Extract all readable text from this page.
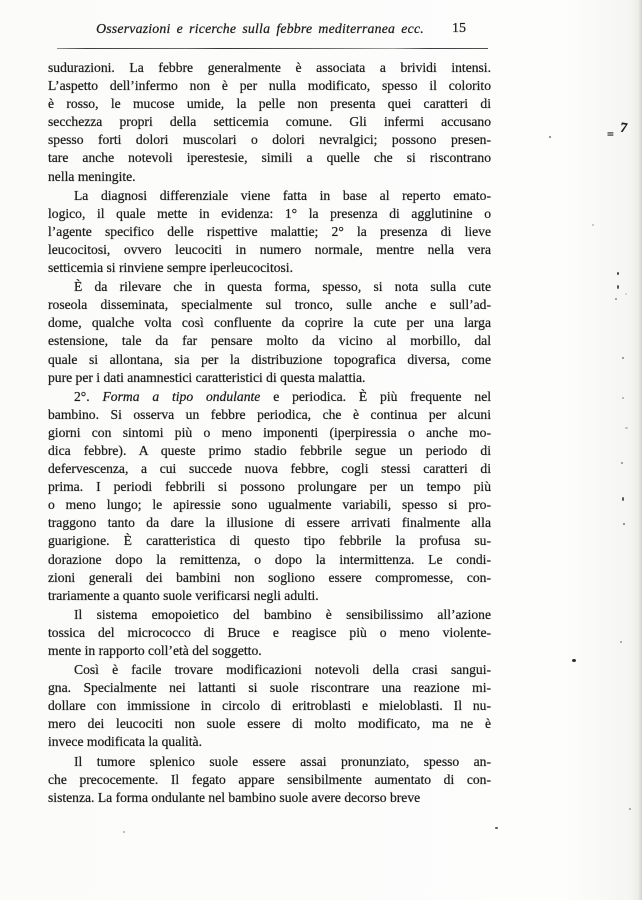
Osservazioni e ricerche sulla febbre mediterranea ecc.	15
sudurazioni. La febbre generalmente è associata a brividi intensi.
L’aspetto dell’infermo non è per nulla modificato, spesso il colorito
è rosso, le mucose umide, la pelle non presenta quei caratteri di
secchezza propri della setticemia comune. Gli infermi accusano
spesso forti dolori muscolari o dolori nevralgici; possono presen-
tare anche notevoli iperestesie, simili a quelle che si riscontrano
nella meningite.
La diagnosi differenziale viene fatta in base al reperto emato-
logico, il quale mette in evidenza: 1° la presenza di agglutinine o
l’agente specifico delle rispettive malattie; 2° la presenza di lieve
leucocitosi, ovvero leucociti in numero normale, mentre nella vera
setticemia si rinviene sempre iperleucocitosi.
È da rilevare che in questa forma, spesso, si nota sulla cute
roseola disseminata, specialmente sul tronco, sulle anche e sull’ad-
dome, qualche volta così confluente da coprire la cute per una larga
estensione, tale da far pensare molto da vicino al morbillo, dal
quale si allontana, sia per la distribuzione topografica diversa, come
pure per i dati anamnestici caratteristici di questa malattia.
2°. Forma a tipo ondulante e periodica. È più frequente nel
bambino. Si osserva un febbre periodica, che è continua per alcuni
giorni con sintomi più o meno imponenti (iperpiressia o anche mo-
dica febbre). A queste primo stadio febbrile segue un periodo di
defervescenza, a cui succede nuova febbre, cogli stessi caratteri di
prima. I periodi febbrili si possono prolungare per un tempo più
o meno lungo; le apiressie sono ugualmente variabili, spesso si pro-
traggono tanto da dare la illusione di essere arrivati finalmente alla
guarigione. È caratteristica di questo tipo febbrile la profusa su-
dorazione dopo la remittenza, o dopo la intermittenza. Le condi-
zioni generali dei bambini non sogliono essere compromesse, con-
trariamente a quanto suole verificarsi negli adulti.
Il sistema emopoietico del bambino è sensibilissimo all’azione
tossica del micrococco di Bruce e reagisce più o meno violente-
mente in rapporto coll’età del soggetto.
Così è facile trovare modificazioni notevoli della crasi sangui-
gna. Specialmente nei lattanti si suole riscontrare una reazione mi-
dollare con immissione in circolo di eritroblasti e mieloblasti. Il nu-
mero dei leucociti non suole essere di molto modificato, ma ne è
invece modificata la qualità.
Il tumore splenico suole essere assai pronunziato, spesso an-
che precocemente. Il fegato appare sensibilmente aumentato di con-
sistenza. La forma ondulante nel bambino suole avere decorso breve
= 7
